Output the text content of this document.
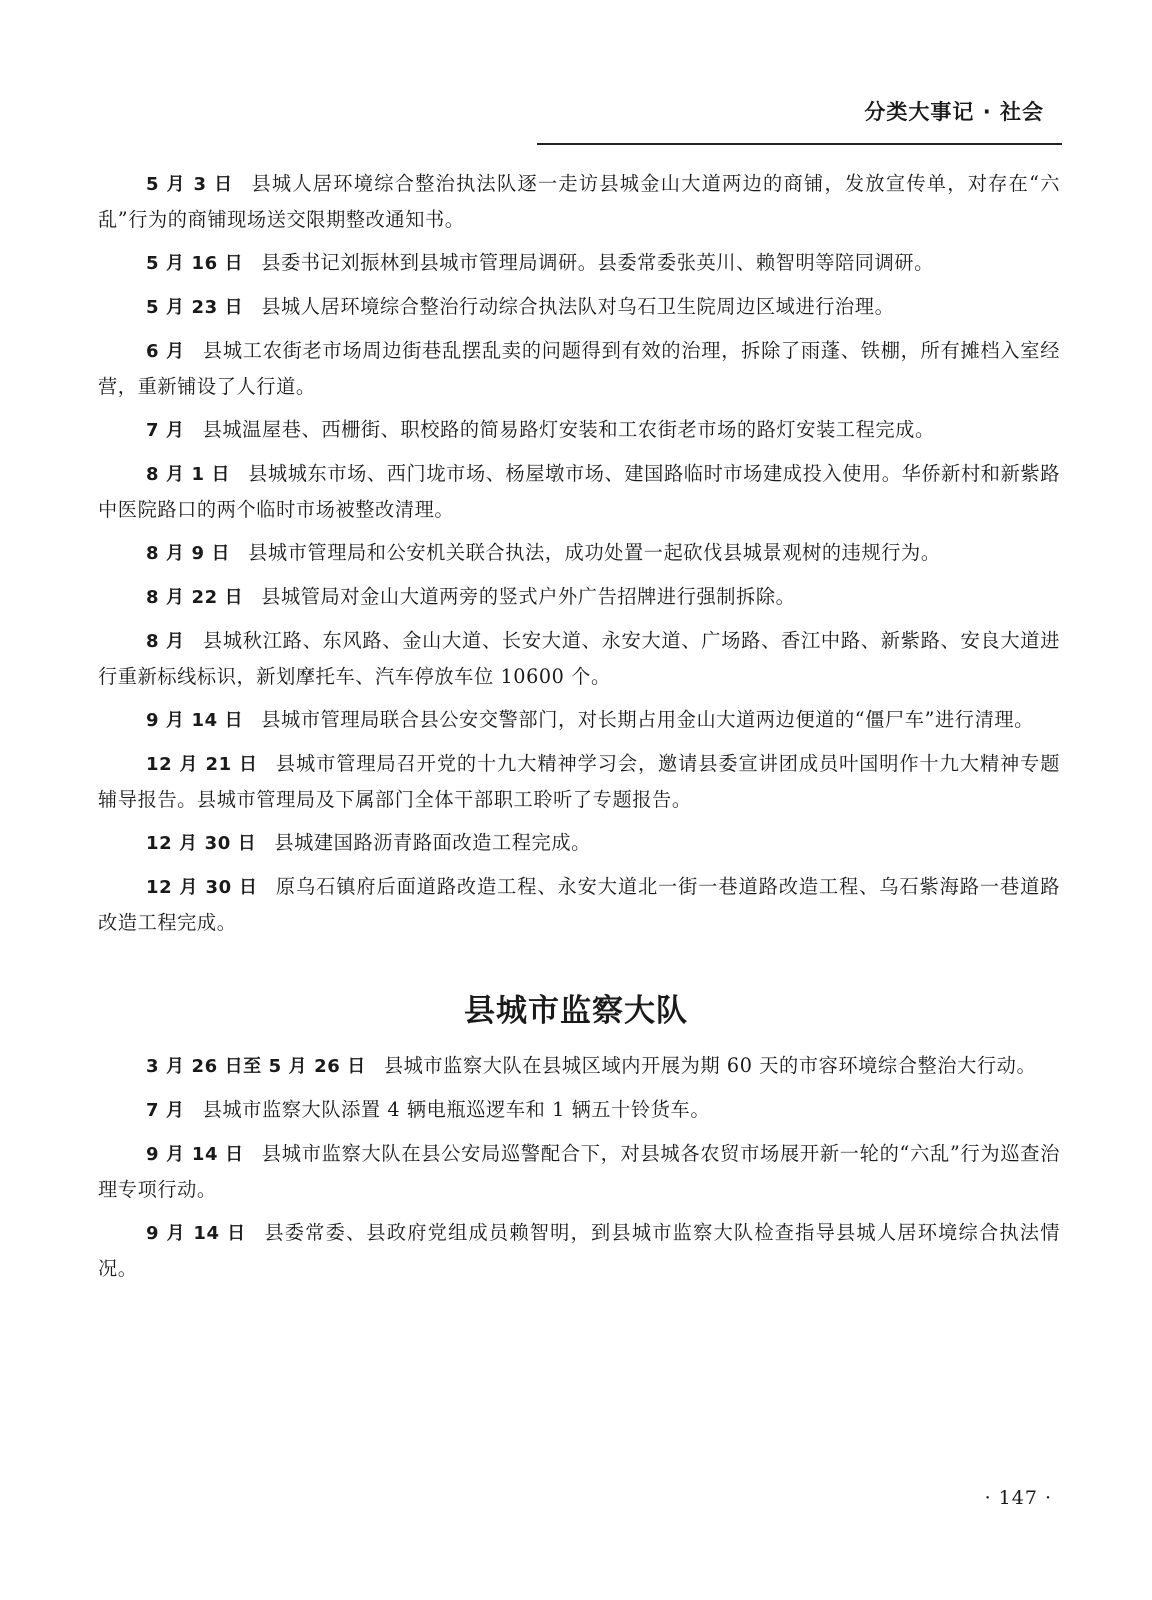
分类大事记 · 社会

5 月 3 日 县城人居环境综合整治执法队逐一走访县城金山大道两边的商铺，发放宣传单，对存在“六乱”行为的商铺现场送交限期整改通知书。

5 月 16 日 县委书记刘振林到县城市管理局调研。县委常委张英川、赖智明等陪同调研。

5 月 23 日 县城人居环境综合整治行动综合执法队对乌石卫生院周边区域进行治理。

6 月 县城工农街老市场周边街巷乱摆乱卖的问题得到有效的治理，拆除了雨蓬、铁棚，所有摊档入室经营，重新铺设了人行道。

7 月 县城温屋巷、西栅街、职校路的简易路灯安装和工农街老市场的路灯安装工程完成。

8 月 1 日 县城城东市场、西门垅市场、杨屋墩市场、建国路临时市场建成投入使用。华侨新村和新紫路中医院路口的两个临时市场被整改清理。

8 月 9 日 县城市管理局和公安机关联合执法，成功处置一起砍伐县城景观树的违规行为。

8 月 22 日 县城管局对金山大道两旁的竖式户外广告招牌进行强制拆除。

8 月 县城秋江路、东风路、金山大道、长安大道、永安大道、广场路、香江中路、新紫路、安良大道进行重新标线标识，新划摩托车、汽车停放车位 10600 个。

9 月 14 日 县城市管理局联合县公安交警部门，对长期占用金山大道两边便道的“僵尸车”进行清理。

12 月 21 日 县城市管理局召开党的十九大精神学习会，邀请县委宣讲团成员叶国明作十九大精神专题辅导报告。县城市管理局及下属部门全体干部职工聆听了专题报告。

12 月 30 日 县城建国路沥青路面改造工程完成。

12 月 30 日 原乌石镇府后面道路改造工程、永安大道北一街一巷道路改造工程、乌石紫海路一巷道路改造工程完成。

县城市监察大队

3 月 26 日至 5 月 26 日 县城市监察大队在县城区域内开展为期 60 天的市容环境综合整治大行动。

7 月 县城市监察大队添置 4 辆电瓶巡逻车和 1 辆五十铃货车。

9 月 14 日 县城市监察大队在县公安局巡警配合下，对县城各农贸市场展开新一轮的“六乱”行为巡查治理专项行动。

9 月 14 日 县委常委、县政府党组成员赖智明，到县城市监察大队检查指导县城人居环境综合执法情况。

· 147 ·
